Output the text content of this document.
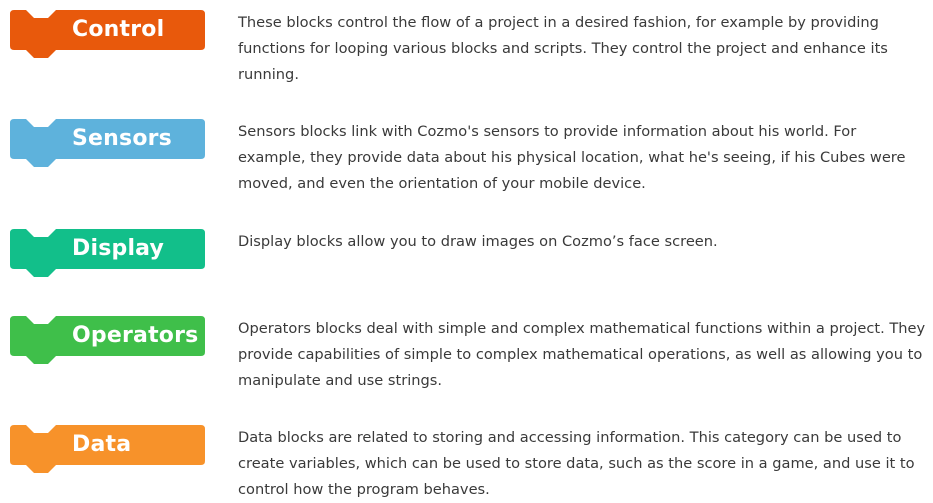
Control	These blocks control the flow of a project in a desired fashion, for example by providing functions for looping various blocks and scripts. They control the project and enhance its running.

Sensors	Sensors blocks link with Cozmo's sensors to provide information about his world. For example, they provide data about his physical location, what he's seeing, if his Cubes were moved, and even the orientation of your mobile device.

Display	Display blocks allow you to draw images on Cozmo’s face screen.

Operators	Operators blocks deal with simple and complex mathematical functions within a project. They provide capabilities of simple to complex mathematical operations, as well as allowing you to manipulate and use strings.

Data	Data blocks are related to storing and accessing information. This category can be used to create variables, which can be used to store data, such as the score in a game, and use it to control how the program behaves.
